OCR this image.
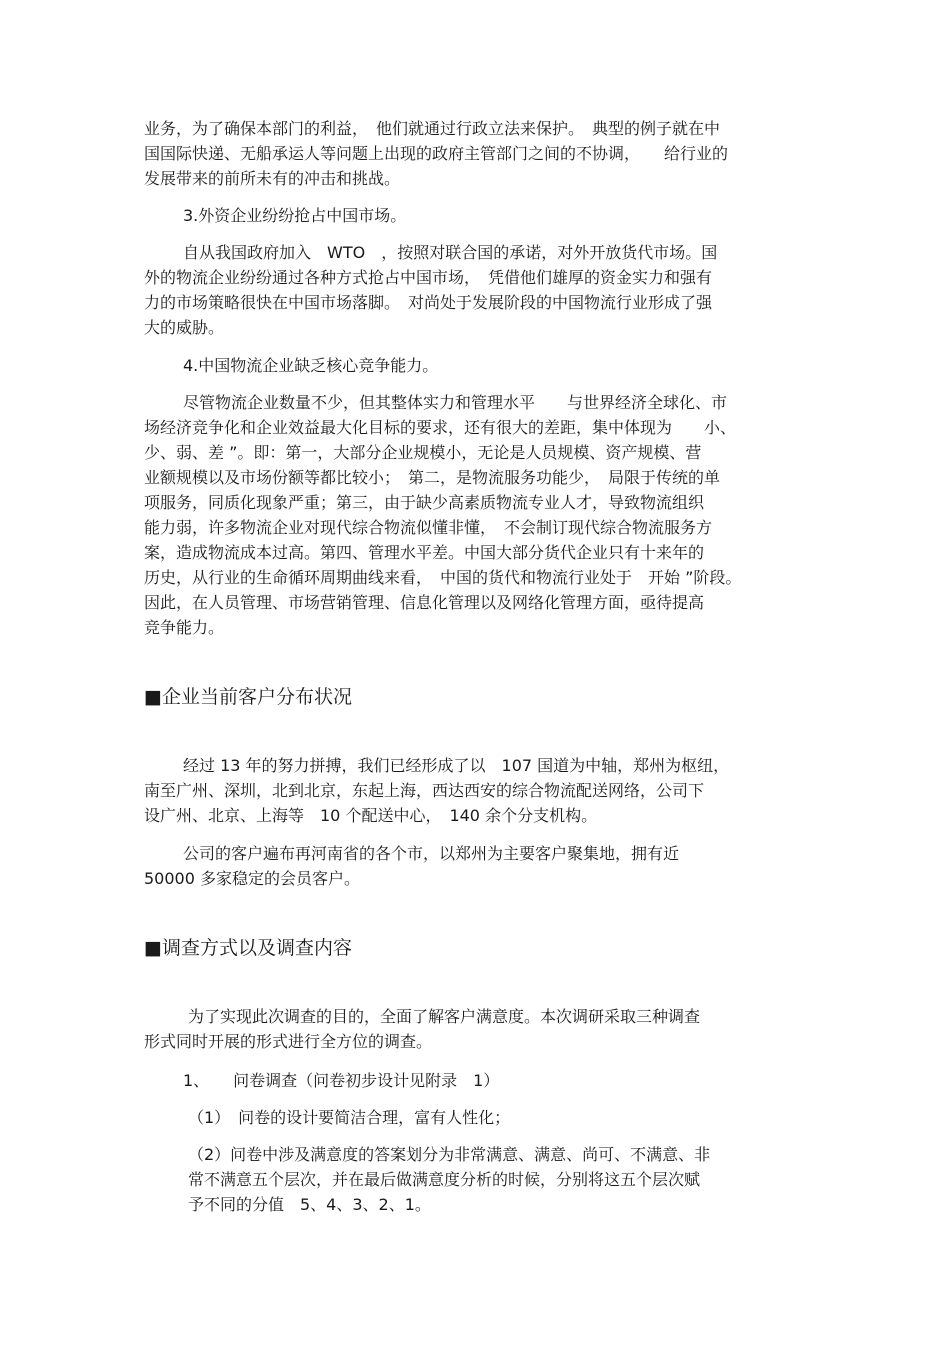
业务，为了确保本部门的利益，　他们就通过行政立法来保护。　典型的例子就在中
国国际快递、无船承运人等问题上出现的政府主管部门之间的不协调，　　给行业的
发展带来的前所未有的冲击和挑战。
3.外资企业纷纷抢占中国市场。
自从我国政府加入　WTO　，按照对联合国的承诺，对外开放货代市场。国
外的物流企业纷纷通过各种方式抢占中国市场，　凭借他们雄厚的资金实力和强有
力的市场策略很快在中国市场落脚。　对尚处于发展阶段的中国物流行业形成了强
大的威胁。
4.中国物流企业缺乏核心竞争能力。
尽管物流企业数量不少，但其整体实力和管理水平　　与世界经济全球化、市
场经济竞争化和企业效益最大化目标的要求，还有很大的差距，集中体现为　　小、
少、弱、差 ”。即：第一，大部分企业规模小，无论是人员规模、资产规模、营
业额规模以及市场份额等都比较小；　第二，是物流服务功能少，　局限于传统的单
项服务，同质化现象严重；第三，由于缺少高素质物流专业人才，导致物流组织
能力弱，许多物流企业对现代综合物流似懂非懂，　不会制订现代综合物流服务方
案，造成物流成本过高。第四、管理水平差。中国大部分货代企业只有十来年的
历史，从行业的生命循环周期曲线来看，　中国的货代和物流行业处于　开始 ”阶段。
因此，在人员管理、市场营销管理、信息化管理以及网络化管理方面，亟待提高
竞争能力。
■企业当前客户分布状况
经过 13 年的努力拼搏，我们已经形成了以　107 国道为中轴，郑州为枢纽，
南至广州、深圳，北到北京，东起上海，西达西安的综合物流配送网络，公司下
设广州、北京、上海等　10 个配送中心，　140 余个分支机构。
公司的客户遍布再河南省的各个市，以郑州为主要客户聚集地，拥有近
50000 多家稳定的会员客户。
■调查方式以及调查内容
为了实现此次调查的目的，全面了解客户满意度。本次调研采取三种调查
形式同时开展的形式进行全方位的调查。
1、　　问卷调查（问卷初步设计见附录　1）
（1）　问卷的设计要简洁合理，富有人性化；
（2）问卷中涉及满意度的答案划分为非常满意、满意、尚可、不满意、非
常不满意五个层次，并在最后做满意度分析的时候，分别将这五个层次赋
予不同的分值　5、4、3、2、1。
